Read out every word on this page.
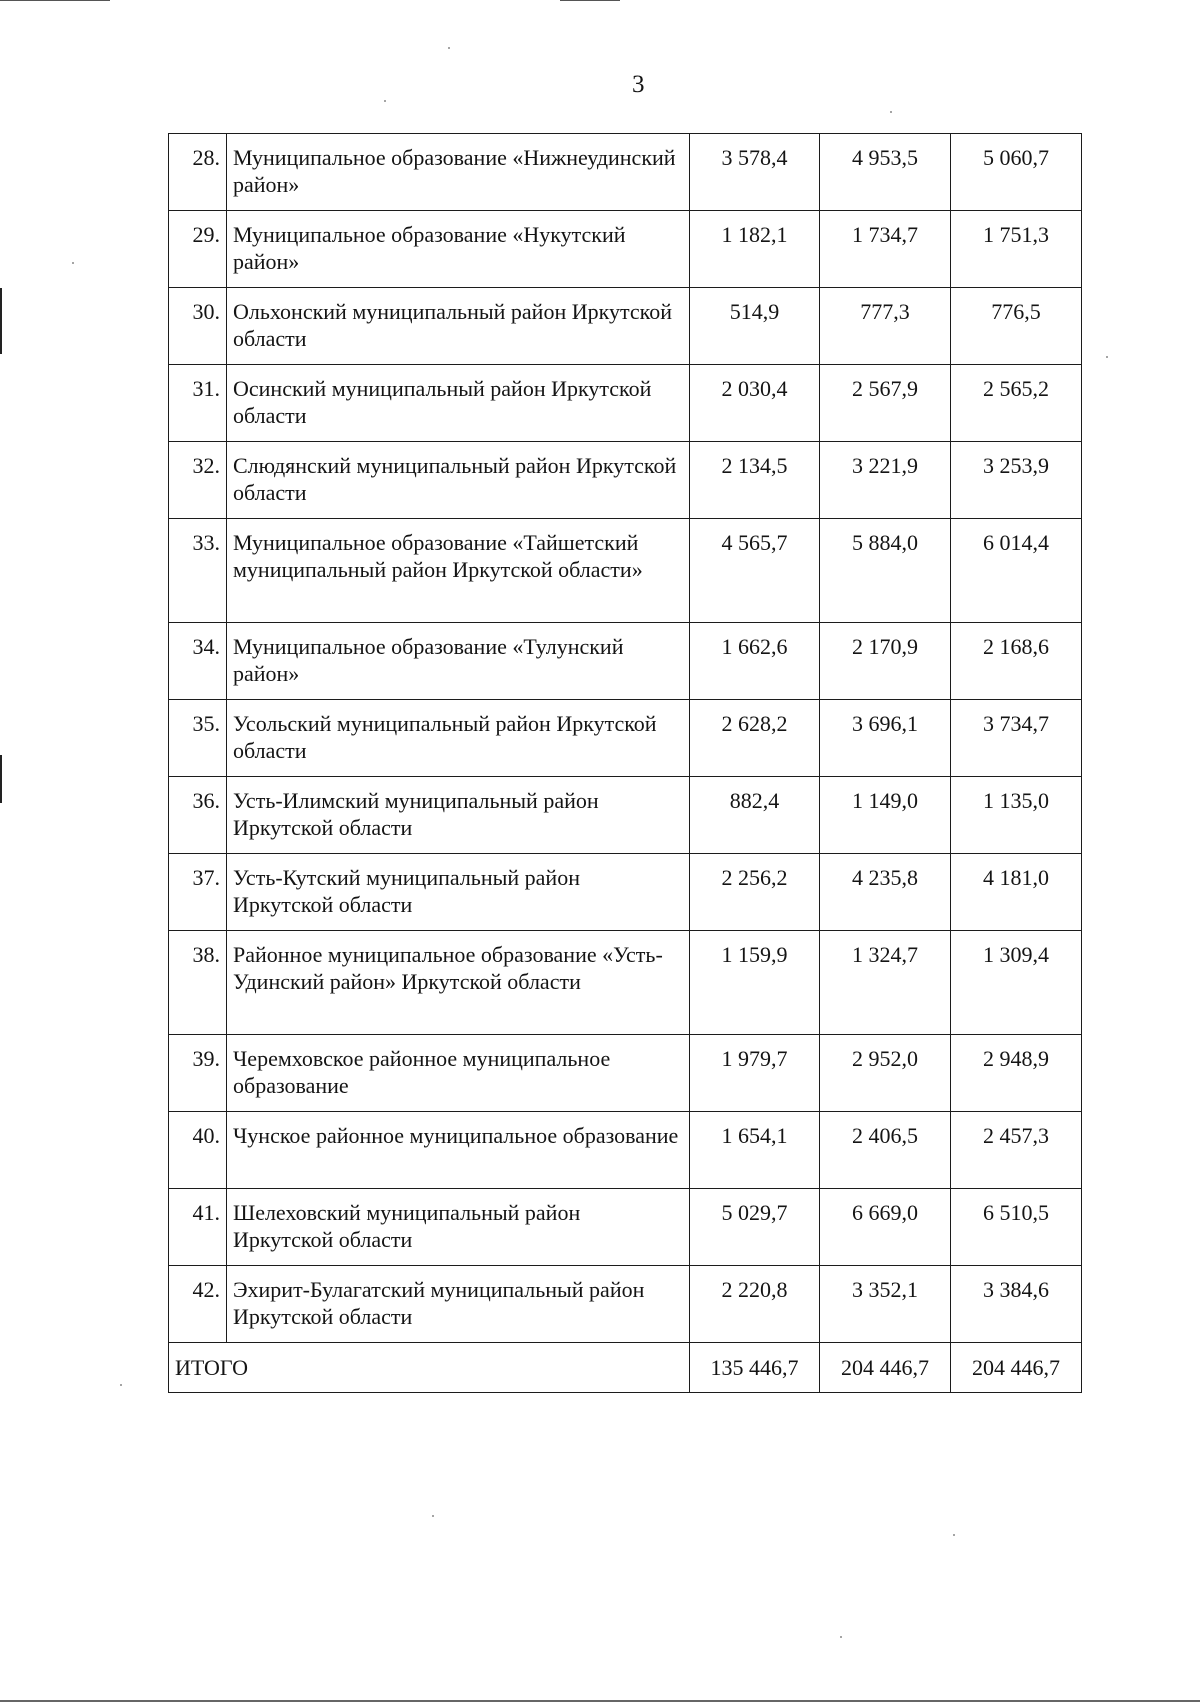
3
28.	Муниципальное образование «Нижнеудинский район»	3 578,4	4 953,5	5 060,7
29.	Муниципальное образование «Нукутский район»	1 182,1	1 734,7	1 751,3
30.	Ольхонский муниципальный район Иркутской области	514,9	777,3	776,5
31.	Осинский муниципальный район Иркутской области	2 030,4	2 567,9	2 565,2
32.	Слюдянский муниципальный район Иркутской области	2 134,5	3 221,9	3 253,9
33.	Муниципальное образование «Тайшетский муниципальный район Иркутской области»	4 565,7	5 884,0	6 014,4
34.	Муниципальное образование «Тулунский район»	1 662,6	2 170,9	2 168,6
35.	Усольский муниципальный район Иркутской области	2 628,2	3 696,1	3 734,7
36.	Усть-Илимский муниципальный район Иркутской области	882,4	1 149,0	1 135,0
37.	Усть-Кутский муниципальный район Иркутской области	2 256,2	4 235,8	4 181,0
38.	Районное муниципальное образование «Усть-Удинский район» Иркутской области	1 159,9	1 324,7	1 309,4
39.	Черемховское районное муниципальное образование	1 979,7	2 952,0	2 948,9
40.	Чунское районное муниципальное образование	1 654,1	2 406,5	2 457,3
41.	Шелеховский муниципальный район Иркутской области	5 029,7	6 669,0	6 510,5
42.	Эхирит-Булагатский муниципальный район Иркутской области	2 220,8	3 352,1	3 384,6
ИТОГО		135 446,7	204 446,7	204 446,7
